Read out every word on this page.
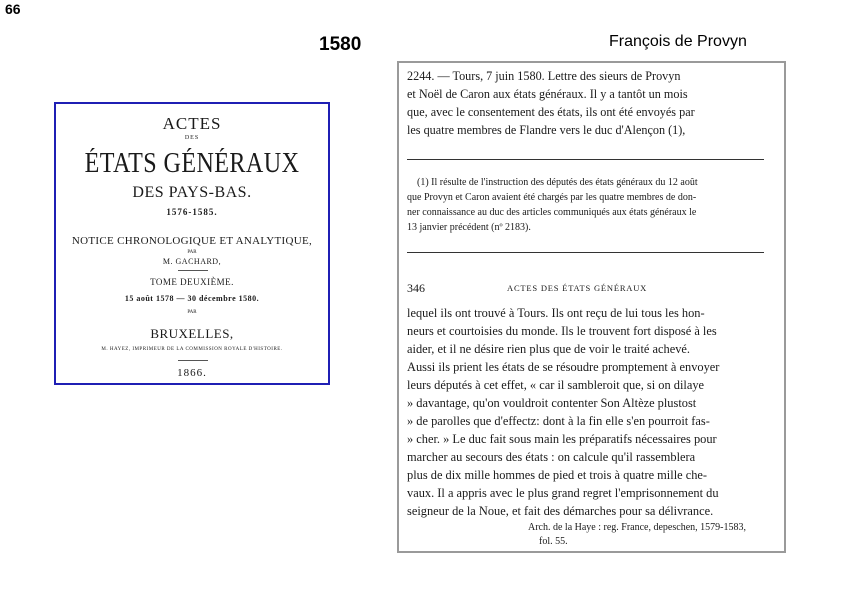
66
1580	François de Provyn
ACTES
DES
ÉTATS GÉNÉRAUX
DES PAYS-BAS.
1576-1585.
NOTICE CHRONOLOGIQUE ET ANALYTIQUE,
PAR
M. GACHARD,
TOME DEUXIÈME.
15 août 1578 — 30 décembre 1580.
PAR
BRUXELLES,
M. HAYEZ, IMPRIMEUR DE LA COMMISSION ROYALE D'HISTOIRE.
1866.
2244. — Tours, 7 juin 1580. Lettre des sieurs de Provyn
et Noël de Caron aux états généraux. Il y a tantôt un mois
que, avec le consentement des états, ils ont été envoyés par
les quatre membres de Flandre vers le duc d'Alençon (1),
(1) Il résulte de l'instruction des députés des états généraux du 12 août
que Provyn et Caron avaient été chargés par les quatre membres de don-
ner connaissance au duc des articles communiqués aux états généraux le
13 janvier précédent (nº 2183).
346	ACTES DES ÉTATS GÉNÉRAUX
lequel ils ont trouvé à Tours. Ils ont reçu de lui tous les hon-
neurs et courtoisies du monde. Ils le trouvent fort disposé à les
aider, et il ne désire rien plus que de voir le traité achevé.
Aussi ils prient les états de se résoudre promptement à envoyer
leurs députés à cet effet, « car il sambleroit que, si on dilaye
» davantage, qu'on vouldroit contenter Son Altèze plustost
» de parolles que d'effectz: dont à la fin elle s'en pourroit fas-
» cher. » Le duc fait sous main les préparatifs nécessaires pour
marcher au secours des états : on calcule qu'il rassemblera
plus de dix mille hommes de pied et trois à quatre mille che-
vaux. Il a appris avec le plus grand regret l'emprisonnement du
seigneur de la Noue, et fait des démarches pour sa délivrance.
Arch. de la Haye : reg. France, depeschen, 1579-1583,
fol. 55.
